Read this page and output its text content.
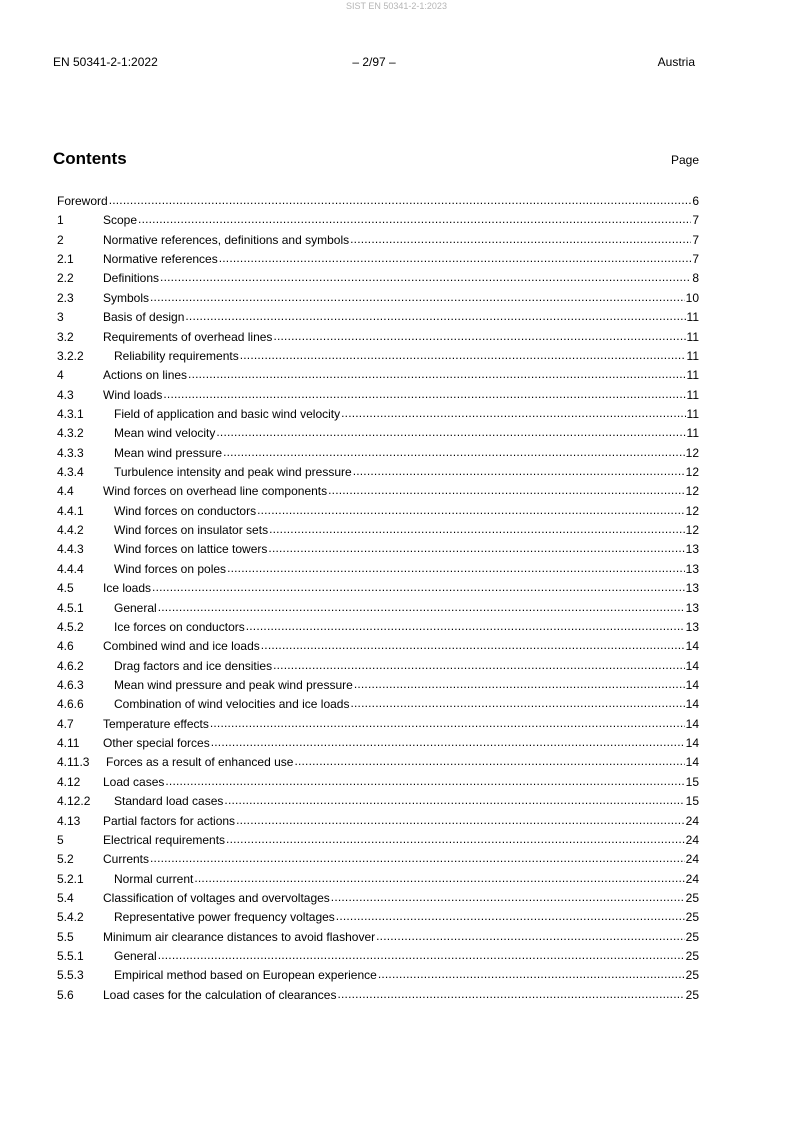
SIST EN 50341-2-1:2023
EN 50341-2-1:2022	– 2/97 –	Austria
Contents	Page
Foreword .....	6
1	Scope .....	7
2	Normative references, definitions and symbols .....	7
2.1	Normative references .....	7
2.2	Definitions .....	8
2.3	Symbols .....	10
3	Basis of design .....	11
3.2	Requirements of overhead lines .....	11
3.2.2	Reliability requirements .....	11
4	Actions on lines .....	11
4.3	Wind loads .....	11
4.3.1	Field of application and basic wind velocity .....	11
4.3.2	Mean wind velocity .....	11
4.3.3	Mean wind pressure .....	12
4.3.4	Turbulence intensity and peak wind pressure .....	12
4.4	Wind forces on overhead line components .....	12
4.4.1	Wind forces on conductors .....	12
4.4.2	Wind forces on insulator sets .....	12
4.4.3	Wind forces on lattice towers .....	13
4.4.4	Wind forces on poles .....	13
4.5	Ice loads .....	13
4.5.1	General .....	13
4.5.2	Ice forces on conductors .....	13
4.6	Combined wind and ice loads .....	14
4.6.2	Drag factors and ice densities .....	14
4.6.3	Mean wind pressure and peak wind pressure .....	14
4.6.6	Combination of wind velocities and ice loads .....	14
4.7	Temperature effects .....	14
4.11	Other special forces .....	14
4.11.3	Forces as a result of enhanced use .....	14
4.12	Load cases .....	15
4.12.2	Standard load cases .....	15
4.13	Partial factors for actions .....	24
5	Electrical requirements .....	24
5.2	Currents .....	24
5.2.1	Normal current .....	24
5.4	Classification of voltages and overvoltages .....	25
5.4.2	Representative power frequency voltages .....	25
5.5	Minimum air clearance distances to avoid flashover .....	25
5.5.1	General .....	25
5.5.3	Empirical method based on European experience .....	25
5.6	Load cases for the calculation of clearances .....	25
